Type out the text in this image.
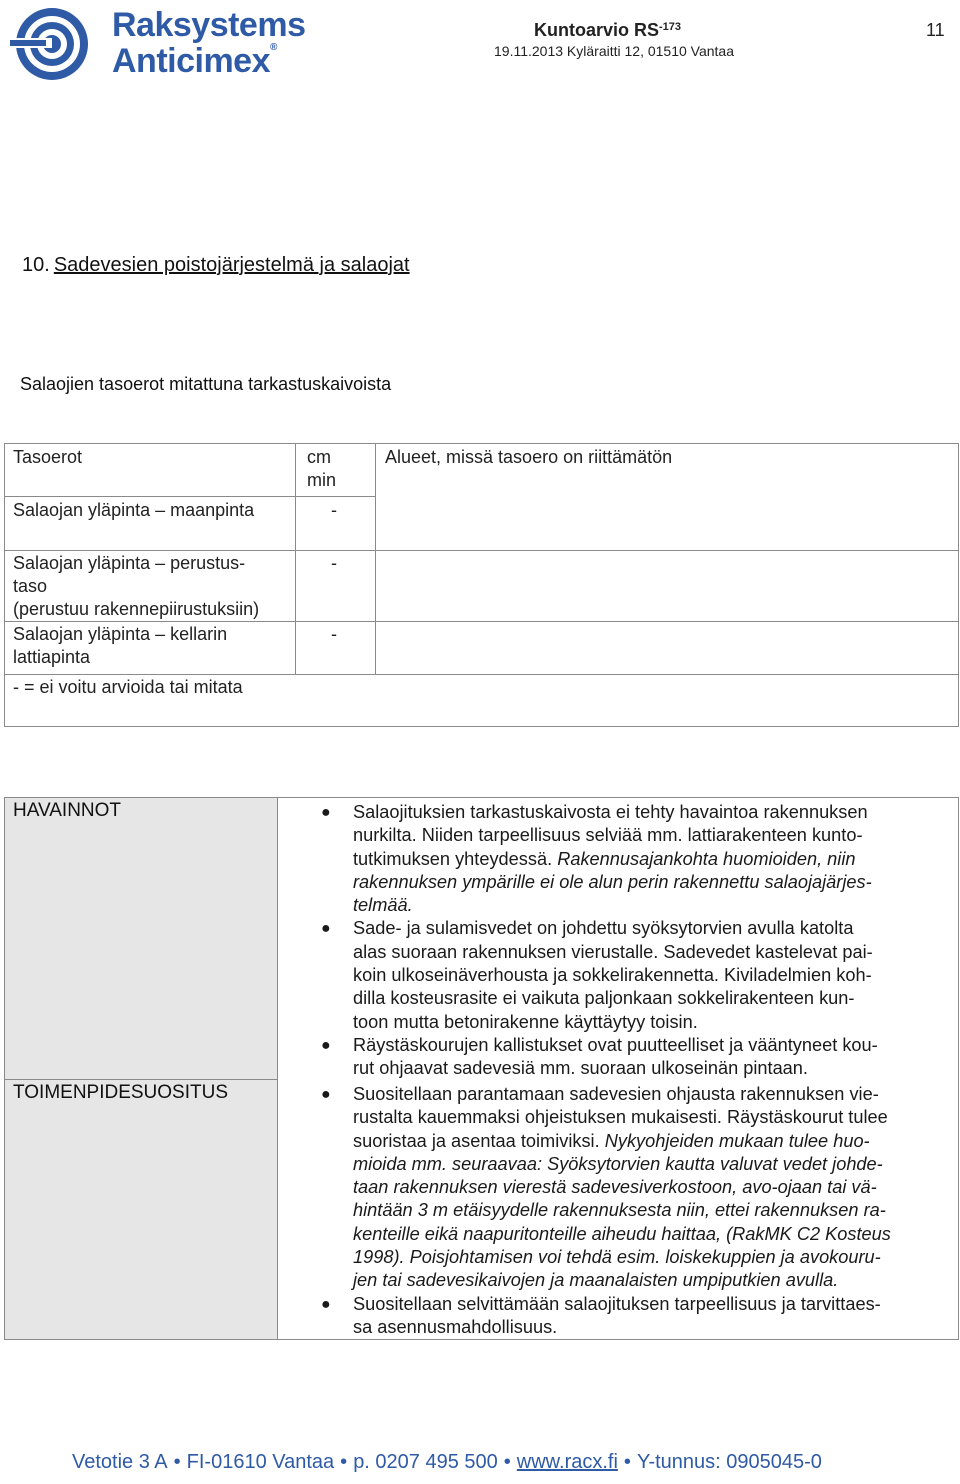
Raksystems
Anticimex®
Kuntoarvio $RS^{-173}$
19.11.2013 Kyläraitti 12, 01510 Vantaa
11
10. Sadevesien poistojärjestelmä ja salaojat
Salaojien tasoerot mitattuna tarkastuskaivoista
Tasoerot	cm
min
Alueet, missä tasoero on riittämätön
Salaojan yläpinta – maanpinta	-
Salaojan yläpinta – perustus-
taso
(perustuu rakennepiirustuksiin)
-
Salaojan yläpinta – kellarin
lattiapinta
-
- = ei voitu arvioida tai mitata
HAVAINNOT
TOIMENPIDESUOSITUS
● Salaojituksien tarkastuskaivosta ei tehty havaintoa rakennuksen
nurkilta. Niiden tarpeellisuus selviää mm. lattiarakenteen kunto-
tutkimuksen yhteydessä. Rakennusajankohta huomioiden, niin
rakennuksen ympärille ei ole alun perin rakennettu salaojajärjes-
telmää.
● Sade- ja sulamisvedet on johdettu syöksytorvien avulla katolta
alas suoraan rakennuksen vierustalle. Sadevedet kastelevat pai-
koin ulkoseinäverhousta ja sokkelirakennetta. Kiviladelmien koh-
dilla kosteusrasite ei vaikuta paljonkaan sokkelirakenteen kun-
toon mutta betonirakenne käyttäytyy toisin.
● Räystäskourujen kallistukset ovat puutteelliset ja vääntyneet kou-
rut ohjaavat sadevesiä mm. suoraan ulkoseinän pintaan.
● Suositellaan parantamaan sadevesien ohjausta rakennuksen vie-
rustalta kauemmaksi ohjeistuksen mukaisesti. Räystäskourut tulee
suoristaa ja asentaa toimiviksi. Nykyohjeiden mukaan tulee huo-
mioida mm. seuraavaa: Syöksytorvien kautta valuvat vedet johde-
taan rakennuksen vierestä sadevesiverkostoon, avo-ojaan tai vä-
hintään 3 m etäisyydelle rakennuksesta niin, ettei rakennuksen ra-
kenteille eikä naapuritonteille aiheudu haittaa, (RakMK C2 Kosteus
1998). Poisjohtamisen voi tehdä esim. loiskekuppien ja avokouru-
jen tai sadevesikaivojen ja maanalaisten umpiputkien avulla.
● Suositellaan selvittämään salaojituksen tarpeellisuus ja tarvittaes-
sa asennusmahdollisuus.
Vetotie 3 A • FI-01610 Vantaa • p. 0207 495 500 • www.racx.fi • Y-tunnus: 0905045-0
